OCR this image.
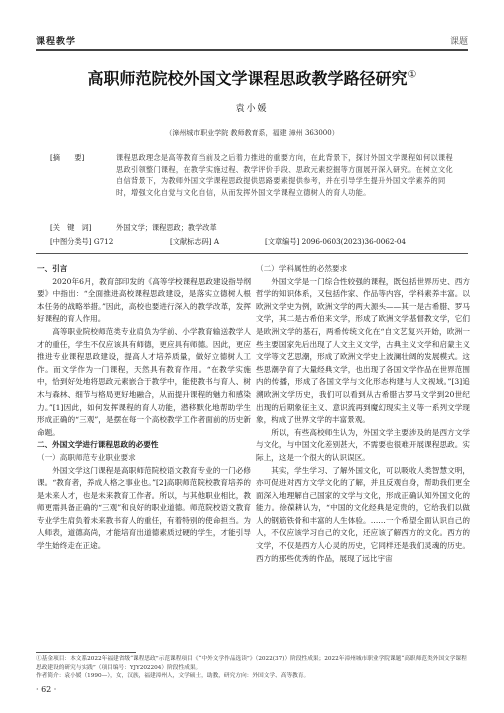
课程教学	课题
高职师范院校外国文学课程思政教学路径研究①
袁小媛
（漳州城市职业学院 教师教育系，福建 漳州 363000）
[摘　　要]	课程思政理念是高等教育当前及之后着力推进的重要方向，在此背景下，探讨外国文学课程如何以课程思政引领整门课程，在教学实施过程、教学评价手段、思政元素挖掘等方面展开深入研究。在树立文化自信背景下，为教师外国文学课程思政提供思路要素提供参考，并在引导学生提升外国文学素养的同时，增强文化自觉与文化自信，从而发挥外国文学课程立德树人的育人功能。
[关　键　词]	外国文学；课程思政；教学改革
[中图分类号] G712	[文献标志码] A	[文章编号] 2096-0603(2023)36-0062-04
一、引言

2020年6月，教育部印发的《高等学校课程思政建设指导纲要》中指出：“全面推进高校课程思政建设，是落实立德树人根本任务的战略举措。”因此，高校也要进行深入的教学改革，发挥好课程的育人作用。

高等职业院校师范类专业肩负为学前、小学教育输送教学人才的重任，学生不仅应该具有师德，更应具有师德。因此，更应推进专业课程思政建设，提高人才培养质量，做好立德树人工作。而文学作为一门课程，天然具有教育作用。“在教学实施中，恰到好处地将思政元素嵌合于教学中，能使教书与育人、树木与森林、细节与格局更好地融合，从而提升课程的魅力和感染力。”[1]因此，如何发挥课程的育人功能，潜移默化地帮助学生形成正确的“三观”，是摆在每一个高校教学工作者面前的历史新命题。

二、外国文学进行课程思政的必要性
（一）高职师范专业职业要求

外国文学这门课程是高职师范院校语文教育专业的一门必修课。“教育者，养成人格之事业也。”[2]高职师范院校教育培养的是未来人才，也是未来教育工作者。所以，与其他职业相比，教师更需具备正确的“三观”和良好的职业道德。师范院校语文教育专业学生肩负着未来教书育人的重任，有着特别的使命担当。为人师表，道德高尚，才能培育出道德素质过硬的学生，才能引导学生始终走在正途。

（二）学科属性的必然要求

外国文学是一门综合性较强的课程，既包括世界历史、西方哲学的知识体系，又包括作家、作品等内容，学科素养丰富。以欧洲文学史为例，欧洲文学的两大源头——其一是古希腊、罗马文学，其二是古希伯来文学，形成了欧洲文学基督教文学，它们是欧洲文学的基石，两希传统文化在“自文艺复兴开始，欧洲一些主要国家先后出现了人文主义文学，古典主义文学和启蒙主义文学等文艺思潮，形成了欧洲文学史上波澜壮阔的发展模式。这些思潮孕育了大量经典文学，也出现了各国文学作品在世界范围内的传播，形成了各国文学与文化形态构建与人文视域。”[3]追溯欧洲文学历史，我们可以看到从古希腊古罗马文学到20世纪出现的后期象征主义、意识流再到魔幻现实主义等一系列文学现象，构成了世界文学的丰富景观。

所以，有些高校师生认为，外国文学主要涉及的是西方文学与文化，与中国文化差别甚大，不需要也很难开展课程思政。实际上，这是一个很大的认识误区。

其实，学生学习、了解外国文化，可以吸收人类智慧文明，亦可促进对西方文学文化的了解，并且反观自身，帮助我们更全面深入地理解自己国家的文学与文化，形成正确认知外国文化的能力。徐葆耕认为，“中国的文化经典是定贵的，它给我们以做人的钢筋铁骨和丰富的人生体验。……一个希望全面认识自己的人，不仅应该学习自己的文化，还应该了解西方的文化。西方的文学，不仅是西方人心灵的历史，它同样还是我们灵魂的历史。西方的那些优秀的作品，展现了远比宇宙

①基金项目：本文系2022年福建省级“课程思政”示范课程项目《“中外文学作品选读”》（2022(37)）阶段性成果；2022年漳州城市职业学院课题“高职师范类外国文学课程思政建设的研究与实践”（项目编号：YJY202204）阶段性成果。
作者简介：袁小媛（1990—），女，汉族，福建漳州人，文学硕士，助教，研究方向：外国文学、高等教育。
· 62 ·
